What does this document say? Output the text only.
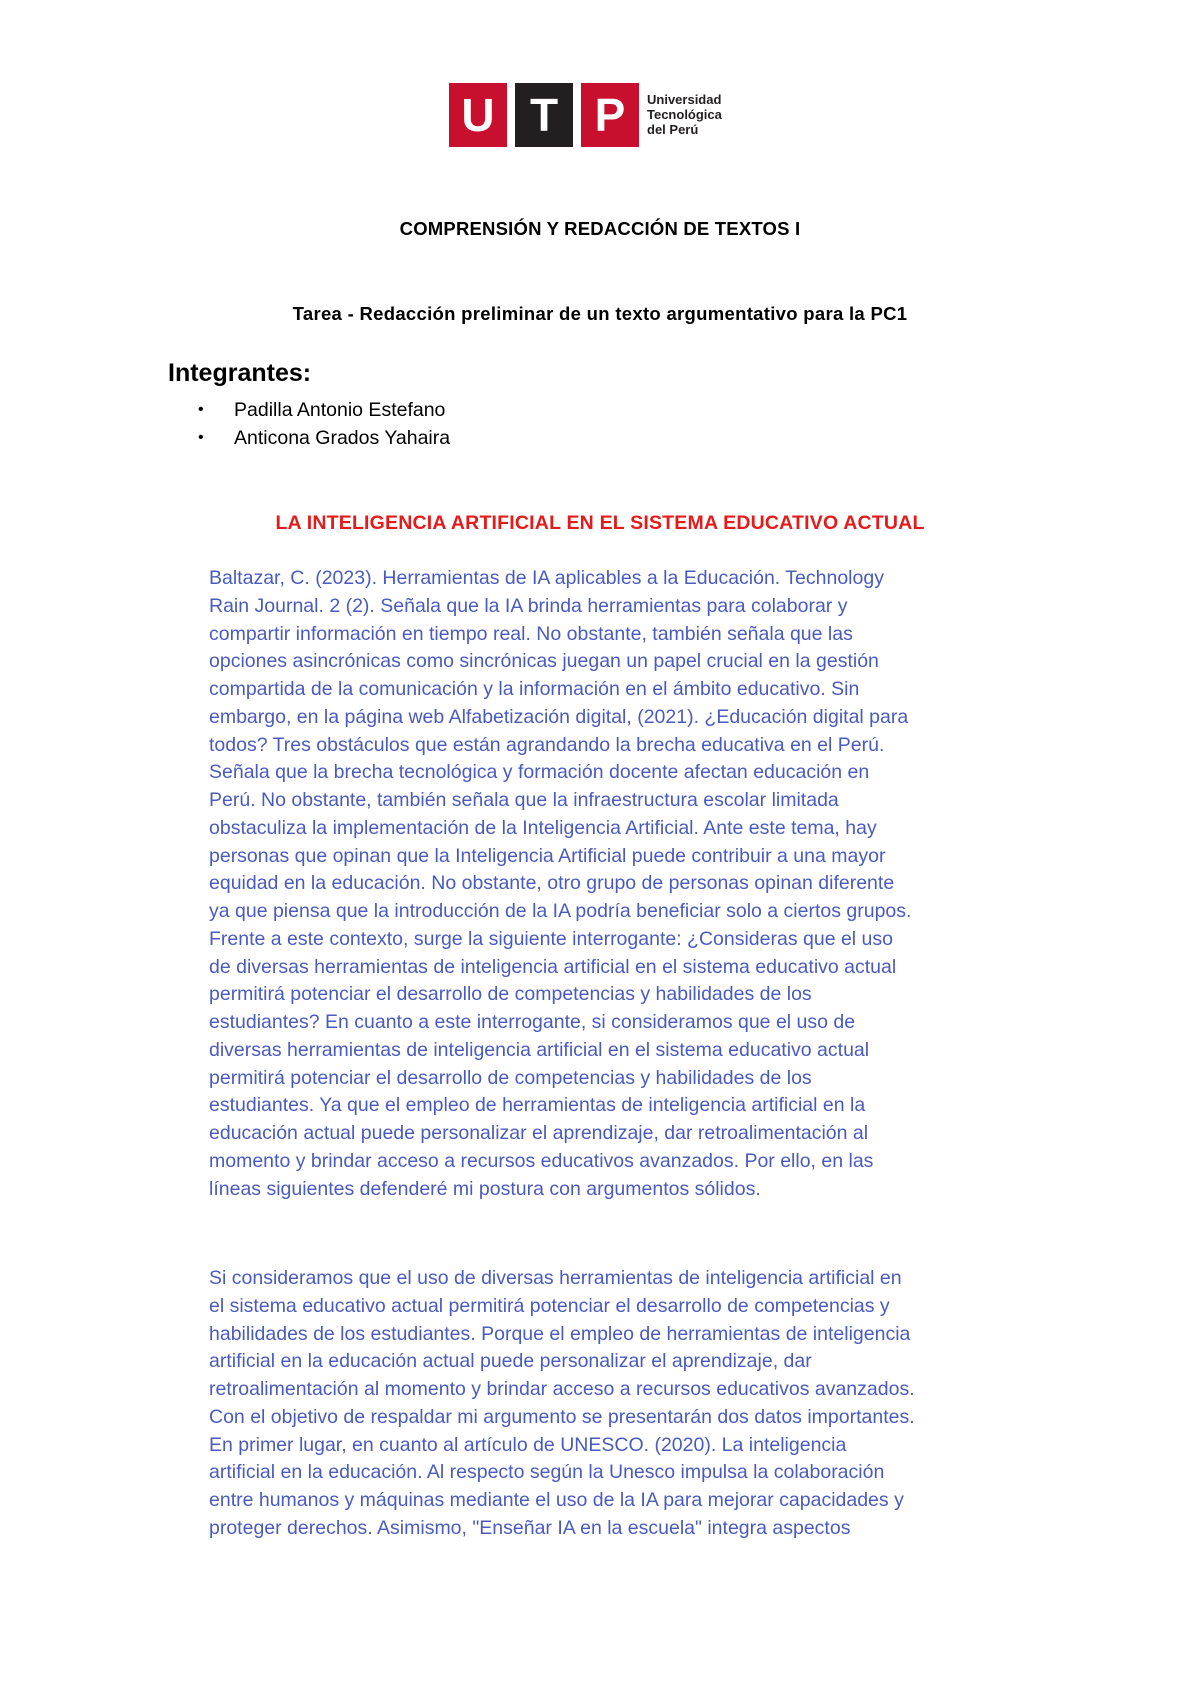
U T P	Universidad
Tecnológica
del Perú
COMPRENSIÓN Y REDACCIÓN DE TEXTOS I
Tarea - Redacción preliminar de un texto argumentativo para la PC1
Integrantes:
• Padilla Antonio Estefano
• Anticona Grados Yahaira
LA INTELIGENCIA ARTIFICIAL EN EL SISTEMA EDUCATIVO ACTUAL

Baltazar, C. (2023). Herramientas de IA aplicables a la Educación. Technology
Rain Journal. 2 (2). Señala que la IA brinda herramientas para colaborar y
compartir información en tiempo real. No obstante, también señala que las
opciones asincrónicas como sincrónicas juegan un papel crucial en la gestión
compartida de la comunicación y la información en el ámbito educativo. Sin
embargo, en la página web Alfabetización digital, (2021). ¿Educación digital para
todos? Tres obstáculos que están agrandando la brecha educativa en el Perú.
Señala que la brecha tecnológica y formación docente afectan educación en
Perú. No obstante, también señala que la infraestructura escolar limitada
obstaculiza la implementación de la Inteligencia Artificial. Ante este tema, hay
personas que opinan que la Inteligencia Artificial puede contribuir a una mayor
equidad en la educación. No obstante, otro grupo de personas opinan diferente
ya que piensa que la introducción de la IA podría beneficiar solo a ciertos grupos.
Frente a este contexto, surge la siguiente interrogante: ¿Consideras que el uso
de diversas herramientas de inteligencia artificial en el sistema educativo actual
permitirá potenciar el desarrollo de competencias y habilidades de los
estudiantes? En cuanto a este interrogante, si consideramos que el uso de
diversas herramientas de inteligencia artificial en el sistema educativo actual
permitirá potenciar el desarrollo de competencias y habilidades de los
estudiantes. Ya que el empleo de herramientas de inteligencia artificial en la
educación actual puede personalizar el aprendizaje, dar retroalimentación al
momento y brindar acceso a recursos educativos avanzados. Por ello, en las
líneas siguientes defenderé mi postura con argumentos sólidos.

Si consideramos que el uso de diversas herramientas de inteligencia artificial en
el sistema educativo actual permitirá potenciar el desarrollo de competencias y
habilidades de los estudiantes. Porque el empleo de herramientas de inteligencia
artificial en la educación actual puede personalizar el aprendizaje, dar
retroalimentación al momento y brindar acceso a recursos educativos avanzados.
Con el objetivo de respaldar mi argumento se presentarán dos datos importantes.
En primer lugar, en cuanto al artículo de UNESCO. (2020). La inteligencia
artificial en la educación. Al respecto según la Unesco impulsa la colaboración
entre humanos y máquinas mediante el uso de la IA para mejorar capacidades y
proteger derechos. Asimismo, "Enseñar IA en la escuela" integra aspectos
